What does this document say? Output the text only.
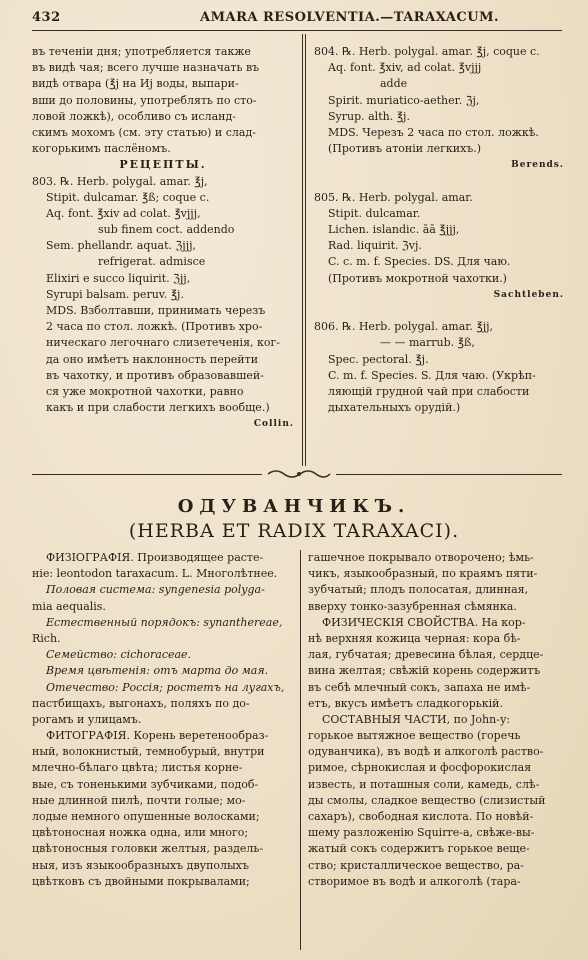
432	AMARA RESOLVENTIA.—TARAXACUM.
въ теченіи дня; употребляется также
въ видѣ чая; всего лучше назначать въ
видѣ отвара (℥j на Иj воды, выпари-
вши до половины, употреблять по сто-
ловой ложкѣ), особливо съ исланд-
скимъ мохомъ (см. эту статью) и слад-
когорькимъ паслёномъ.
РЕЦЕПТЫ.
803. ℞. Herb. polygal. amar. ℥j,
Stipit. dulcamar. ℥ß; coque c.
Aq. font. ℥xiv ad colat. ℥vjjj,
sub finem coct. addendo
Sem. phellandr. aquat. ℨjjj,
refrigerat. admisce
Elixiri e succo liquirit. ℨjj,
Syrupi balsam. peruv. ℥j.
MDS. Взболтавши, принимать черезъ
2 часа по стол. ложкѣ. (Противъ хро-
ническаго легочнаго слизетеченія, ког-
да оно имѣетъ наклонность перейти
въ чахотку, и противъ образовавшей-
ся уже мокротной чахотки, равно
какъ и при слабости легкихъ вообще.)
Collin.
804. ℞. Herb. polygal. amar. ℥j, coque c.
Aq. font. ℥xiv, ad colat. ℥vjjj
adde
Spirit. muriatico-aether. ℨj,
Syrup. alth. ℥j.
MDS. Черезъ 2 часа по стол. ложкѣ.
(Противъ атоніи легкихъ.)
Berends.
805. ℞. Herb. polygal. amar.
Stipit. dulcamar.
Lichen. islandic. āā ℥jjj,
Rad. liquirit. ℨvj.
C. c. m. f. Species. DS. Для чаю.
(Противъ мокротной чахотки.)
Sachtleben.
806. ℞. Herb. polygal. amar. ℥jj,
— — marrub. ℥ß,
Spec. pectoral. ℥j.
C. m. f. Species. S. Для чаю. (Укрѣп-
ляющій грудной чай при слабости
дыхательныхъ орудій.)
ОДУВАНЧИКЪ.
(HERBA ET RADIX TARAXACI).
ФИЗІОГРАФІЯ. Производящее расте-
ніе: leontodon taraxacum. L. Многолѣтнее.
Половая система: syngenesia polyga-
mia aequalis.
Естественный порядокъ: synanthereae,
Rich.
Семейство: cichoraceae.
Время цвѣтенія: отъ марта до мая.
Отечество: Россія; ростетъ на лугахъ,
пастбищахъ, выгонахъ, поляхъ по до-
рогамъ и улицамъ.
ФИТОГРАФІЯ. Корень веретенообраз-
ный, волокнистый, темнобурый, внутри
млечно-бѣлаго цвѣта; листья корне-
вые, съ тоненькими зубчиками, подоб-
ные длинной пилѣ, почти голые; мо-
лодые немного опушенные волосками;
цвѣтоносная ножка одна, или много;
цвѣтоносныя головки желтыя, раздель-
ныя, изъ языкообразныхъ двуполыхъ
цвѣтковъ съ двойными покрывалами;
гашечное покрывало отворочено; ѣмь-
чикъ, языкообразный, по краямъ пяти-
зубчатый; плодъ полосатая, длинная,
вверху тонко-зазубренная сѣмянка.
ФИЗИЧЕСКІЯ СВОЙСТВА. На кор-
нѣ верхняя кожица черная: кора бѣ-
лая, губчатая; древесина бѣлая, сердце-
вина желтая; свѣжій корень содержитъ
въ себѣ млечный сокъ, запаха не имѣ-
етъ, вкусъ имѣетъ сладкогорькій.
СОСТАВНЫЯ ЧАСТИ, по John-у:
горькое вытяжное вещество (горечь
одуванчика), въ водѣ и алкоголѣ раство-
римое, сѣрнокислая и фосфорокислая
известь, и поташныя соли, камедь, слѣ-
ды смолы, сладкое вещество (слизистый
сахаръ), свободная кислота. По новѣй-
шему разложенію Squirre-а, свѣже-вы-
жатый сокъ содержитъ горькое веще-
ство; кристаллическое вещество, ра-
створимое въ водѣ и алкоголѣ (тара-
